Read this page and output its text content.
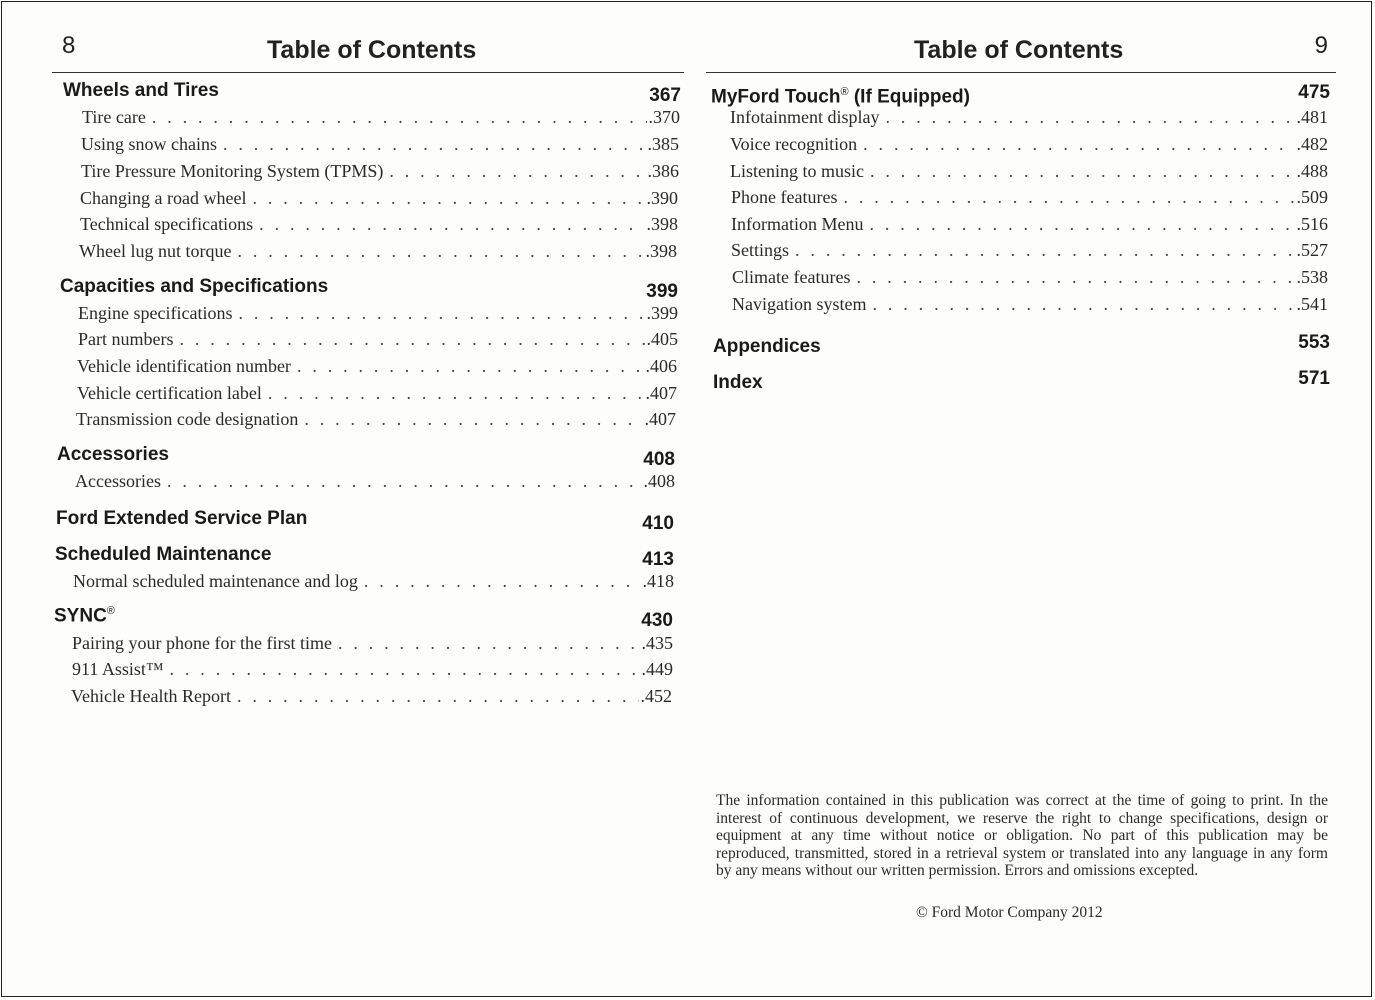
8	Table of Contents
Wheels and Tires	367
Tire care . . .	.370
Using snow chains . . .	.385
Tire Pressure Monitoring System (TPMS) . . .	.386
Changing a road wheel . . .	.390
Technical specifications . . .	.398
Wheel lug nut torque . . .	.398
Capacities and Specifications	399
Engine specifications . . .	.399
Part numbers . . .	.405
Vehicle identification number . . .	.406
Vehicle certification label . . .	.407
Transmission code designation . . .	.407
Accessories	408
Accessories . . .	.408
Ford Extended Service Plan	410
Scheduled Maintenance	413
Normal scheduled maintenance and log . . .	.418
SYNC®	430
Pairing your phone for the first time . . .	.435
911 Assist™ . . .	.449
Vehicle Health Report . . .	.452
Table of Contents	9
MyFord Touch® (If Equipped)	475
Infotainment display . . .	.481
Voice recognition . . .	.482
Listening to music . . .	.488
Phone features . . .	.509
Information Menu . . .	.516
Settings . . .	.527
Climate features . . .	.538
Navigation system . . .	.541
Appendices	553
Index	571
The information contained in this publication was correct at the time of going to print. In the interest of continuous development, we reserve the right to change specifications, design or equipment at any time without notice or obligation. No part of this publication may be reproduced, transmitted, stored in a retrieval system or translated into any language in any form by any means without our written permission. Errors and omissions excepted.
© Ford Motor Company 2012
